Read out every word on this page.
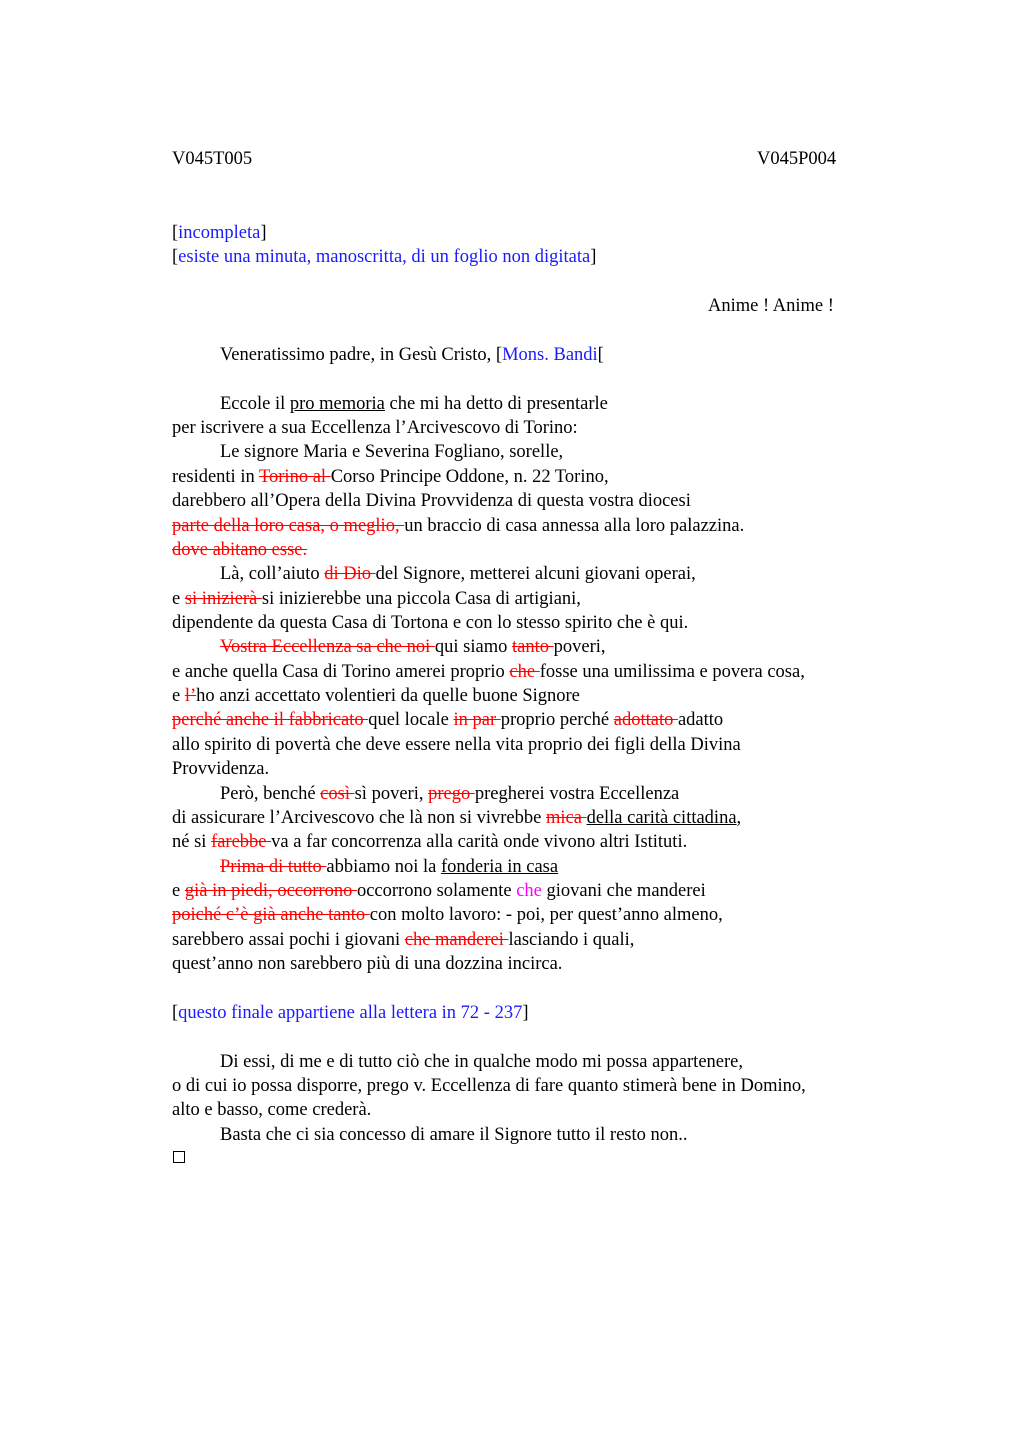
V045T005	V045P004
[incompleta]
[esiste una minuta, manoscritta, di un foglio non digitata]
Anime ! Anime !
Veneratissimo padre, in Gesù Cristo, [Mons. Bandi[
Eccole il pro memoria che mi ha detto di presentarle
per iscrivere a sua Eccellenza l’Arcivescovo di Torino:
Le signore Maria e Severina Fogliano, sorelle,
residenti in Torino al Corso Principe Oddone, n. 22 Torino,
darebbero all’Opera della Divina Provvidenza di questa vostra diocesi
parte della loro casa, o meglio, un braccio di casa annessa alla loro palazzina.
dove abitano esse.
Là, coll’aiuto di Dio del Signore, metterei alcuni giovani operai,
e si inizierà si inizierebbe una piccola Casa di artigiani,
dipendente da questa Casa di Tortona e con lo stesso spirito che è qui.
Vostra Eccellenza sa che noi qui siamo tanto poveri,
e anche quella Casa di Torino amerei proprio che fosse una umilissima e povera cosa,
e l’ho anzi accettato volentieri da quelle buone Signore
perché anche il fabbricato quel locale in par proprio perché adottato adatto
allo spirito di povertà che deve essere nella vita proprio dei figli della Divina
Provvidenza.
Però, benché così sì poveri, prego pregherei vostra Eccellenza
di assicurare l’Arcivescovo che là non si vivrebbe mica della carità cittadina,
né si farebbe va a far concorrenza alla carità onde vivono altri Istituti.
Prima di tutto abbiamo noi la fonderia in casa
e già in piedi, occorrono occorrono solamente che giovani che manderei
poiché c’è già anche tanto con molto lavoro: - poi, per quest’anno almeno,
sarebbero assai pochi i giovani che manderei lasciando i quali,
quest’anno non sarebbero più di una dozzina incirca.
[questo finale appartiene alla lettera in 72 - 237]
Di essi, di me e di tutto ciò che in qualche modo mi possa appartenere,
o di cui io possa disporre, prego v. Eccellenza di fare quanto stimerà bene in Domino,
alto e basso, come crederà.
Basta che ci sia concesso di amare il Signore tutto il resto non..
